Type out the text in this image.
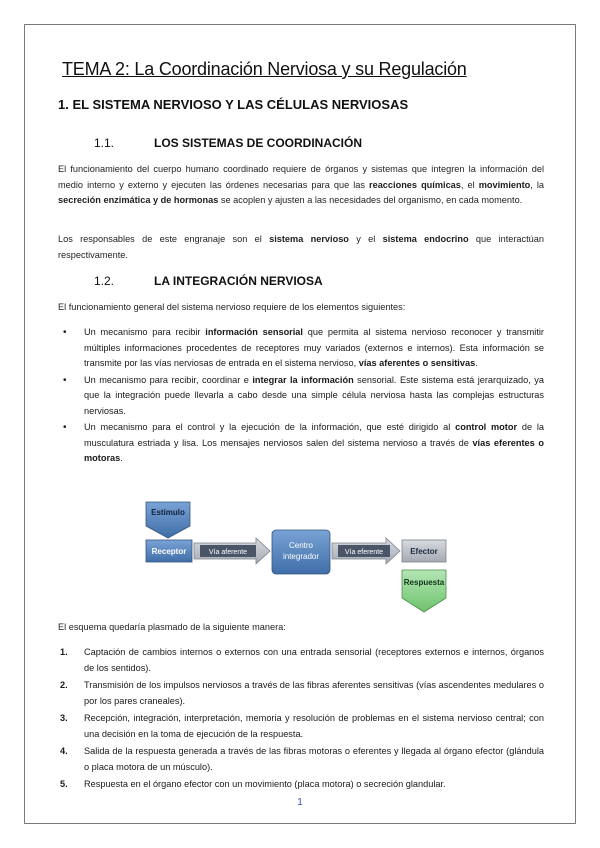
TEMA 2: La Coordinación Nerviosa y su Regulación
1. EL SISTEMA NERVIOSO Y LAS CÉLULAS NERVIOSAS
1.1.	LOS SISTEMAS DE COORDINACIÓN

El funcionamiento del cuerpo humano coordinado requiere de órganos y sistemas que integren la información del medio interno y externo y ejecuten las órdenes necesarias para que las reacciones químicas, el movimiento, la secreción enzimática y de hormonas se acoplen y ajusten a las necesidades del organismo, en cada momento.

Los responsables de este engranaje son el sistema nervioso y el sistema endocrino que interactúan respectivamente.

1.2.	LA INTEGRACIÓN NERVIOSA

El funcionamiento general del sistema nervioso requiere de los elementos siguientes:

• Un mecanismo para recibir información sensorial que permita al sistema nervioso reconocer y transmitir múltiples informaciones procedentes de receptores muy variados (externos e internos). Esta información se transmite por las vías nerviosas de entrada en el sistema nervioso, vías aferentes o sensitivas.
• Un mecanismo para recibir, coordinar e integrar la información sensorial. Este sistema está jerarquizado, ya que la integración puede llevarla a cabo desde una simple célula nerviosa hasta las complejas estructuras nerviosas.
• Un mecanismo para el control y la ejecución de la información, que esté dirigido al control motor de la musculatura estriada y lisa. Los mensajes nerviosos salen del sistema nervioso a través de vías eferentes o motoras.
Estímulo
Receptor	Vía aferente
Centro
integrador	Vía eferente	Efector
Respuesta

El esquema quedaría plasmado de la siguiente manera:

1. Captación de cambios internos o externos con una entrada sensorial (receptores externos e internos, órganos de los sentidos).
2. Transmisión de los impulsos nerviosos a través de las fibras aferentes sensitivas (vías ascendentes medulares o por los pares craneales).
3. Recepción, integración, interpretación, memoria y resolución de problemas en el sistema nervioso central; con una decisión en la toma de ejecución de la respuesta.
4. Salida de la respuesta generada a través de las fibras motoras o eferentes y llegada al órgano efector (glándula o placa motora de un músculo).
5. Respuesta en el órgano efector con un movimiento (placa motora) o secreción glandular.
1
